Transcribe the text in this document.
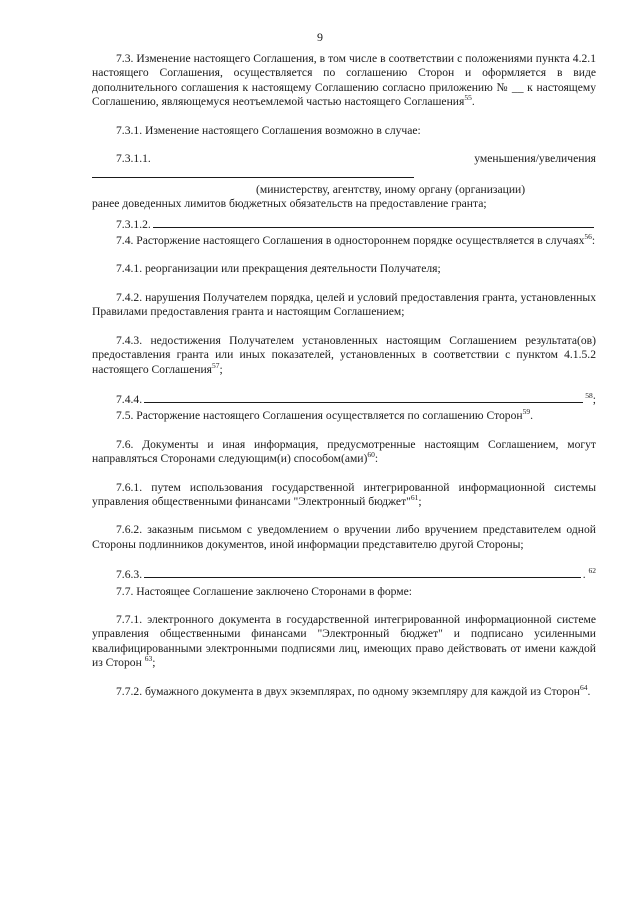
9

7.3. Изменение настоящего Соглашения, в том числе в соответствии с положениями пункта 4.2.1 настоящего Соглашения, осуществляется по соглашению Сторон и оформляется в виде дополнительного соглашения к настоящему Соглашению согласно приложению № __ к настоящему Соглашению, являющемуся неотъемлемой частью настоящего Соглашения$^{55}$.

7.3.1. Изменение настоящего Соглашения возможно в случае:

7.3.1.1. уменьшения/увеличения

(министерству, агентству, иному органу (организации)

ранее доведенных лимитов бюджетных обязательств на предоставление гранта;

7.3.1.2.

7.4. Расторжение настоящего Соглашения в одностороннем порядке осуществляется в случаях$^{56}$:

7.4.1. реорганизации или прекращения деятельности Получателя;

7.4.2. нарушения Получателем порядка, целей и условий предоставления гранта, установленных Правилами предоставления гранта и настоящим Соглашением;

7.4.3. недостижения Получателем установленных настоящим Соглашением результата(ов) предоставления гранта или иных показателей, установленных в соответствии с пунктом 4.1.5.2 настоящего Соглашения$^{57}$;

7.4.4.	$^{58}$;

7.5. Расторжение настоящего Соглашения осуществляется по соглашению Сторон$^{59}$.

7.6. Документы и иная информация, предусмотренные настоящим Соглашением, могут направляться Сторонами следующим(и) способом(ами)$^{60}$:

7.6.1. путем использования государственной интегрированной информационной системы управления общественными финансами "Электронный бюджет"$^{61}$;

7.6.2. заказным письмом с уведомлением о вручении либо вручением представителем одной Стороны подлинников документов, иной информации представителю другой Стороны;

7.6.3.	. $^{62}$

7.7. Настоящее Соглашение заключено Сторонами в форме:

7.7.1. электронного документа в государственной интегрированной информационной системе управления общественными финансами "Электронный бюджет" и подписано усиленными квалифицированными электронными подписями лиц, имеющих право действовать от имени каждой из Сторон $^{63}$;

7.7.2. бумажного документа в двух экземплярах, по одному экземпляру для каждой из Сторон$^{64}$.
